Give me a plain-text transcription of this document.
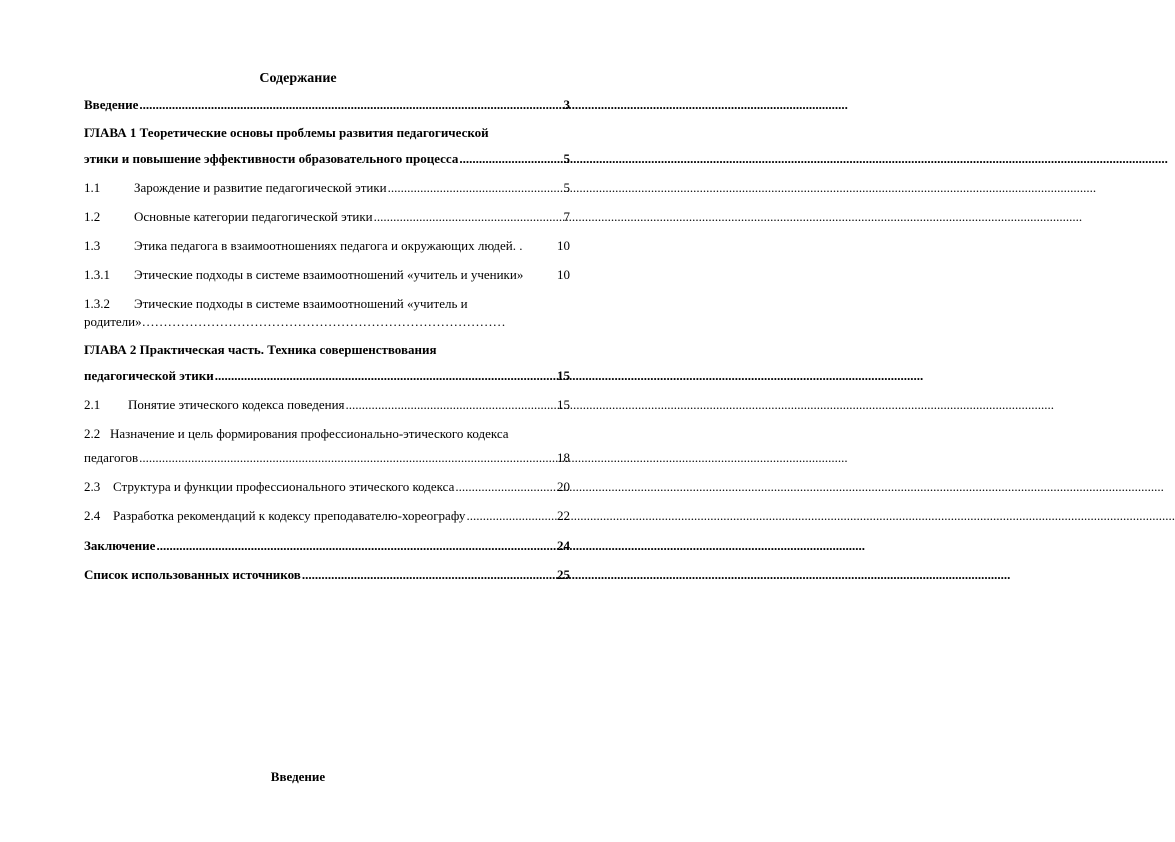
Содержание
Введение .....	3
ГЛАВА 1 Теоретические основы проблемы развития педагогической
этики и повышение эффективности образовательного процесса .....	5
1.1	Зарождение и развитие педагогической этики .....	5
1.2	Основные категории педагогической этики .....	7
1.3	Этика педагога в взаимоотношениях педагога и окружающих людей. .	10
1.3.1	Этические подходы в системе взаимоотношений «учитель и ученики»	10
1.3.2	Этические подходы в системе взаимоотношений «учитель и
родители»…………………………………………………………………………
ГЛАВА 2 Практическая часть. Техника совершенствования
педагогической этики .....	15
2.1	Понятие этического кодекса поведения .....	15
2.2 Назначение и цель формирования профессионально-этического кодекса
педагогов .....	18
2.3 Структура и функции профессионального этического кодекса .....	20
2.4 Разработка рекомендаций к кодексу преподавателю-хореографу .....	22
Заключение .....	24
Список использованных источников .....	25
Введение
